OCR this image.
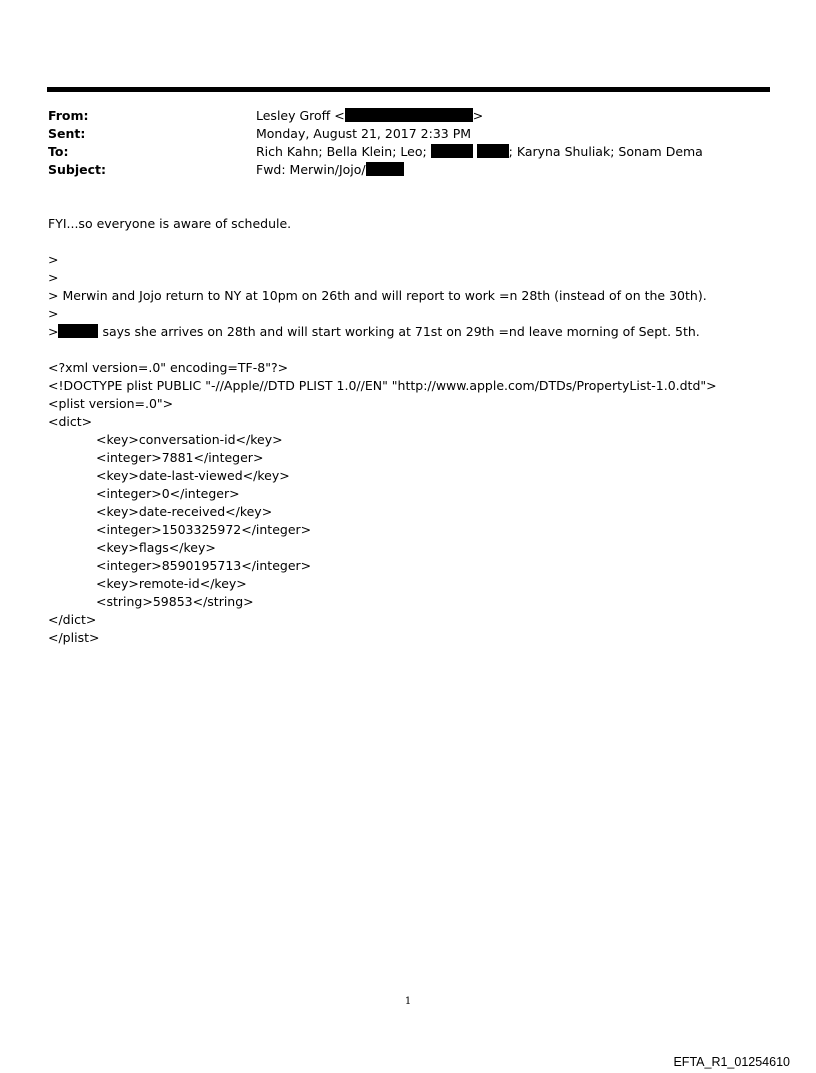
From:	Lesley Groff <	>
Sent:	Monday, August 21, 2017 2:33 PM
To:	Rich Kahn; Bella Klein; Leo;	; Karyna Shuliak; Sonam Dema
Subject:	Fwd: Merwin/Jojo/
FYI...so everyone is aware of schedule.
>
>
> Merwin and Jojo return to NY at 10pm on 26th and will report to work =n 28th (instead of on the 30th).
>
>	says she arrives on 28th and will start working at 71st on 29th =nd leave morning of Sept. 5th.
<?xml version=.0" encoding=TF-8"?>
<!DOCTYPE plist PUBLIC "-//Apple//DTD PLIST 1.0//EN" "http://www.apple.com/DTDs/PropertyList-1.0.dtd">
<plist version=.0">
<dict>
<key>conversation-id</key>
<integer>7881</integer>
<key>date-last-viewed</key>
<integer>0</integer>
<key>date-received</key>
<integer>1503325972</integer>
<key>flags</key>
<integer>8590195713</integer>
<key>remote-id</key>
<string>59853</string>
</dict>
</plist>
1
EFTA_R1_01254610
